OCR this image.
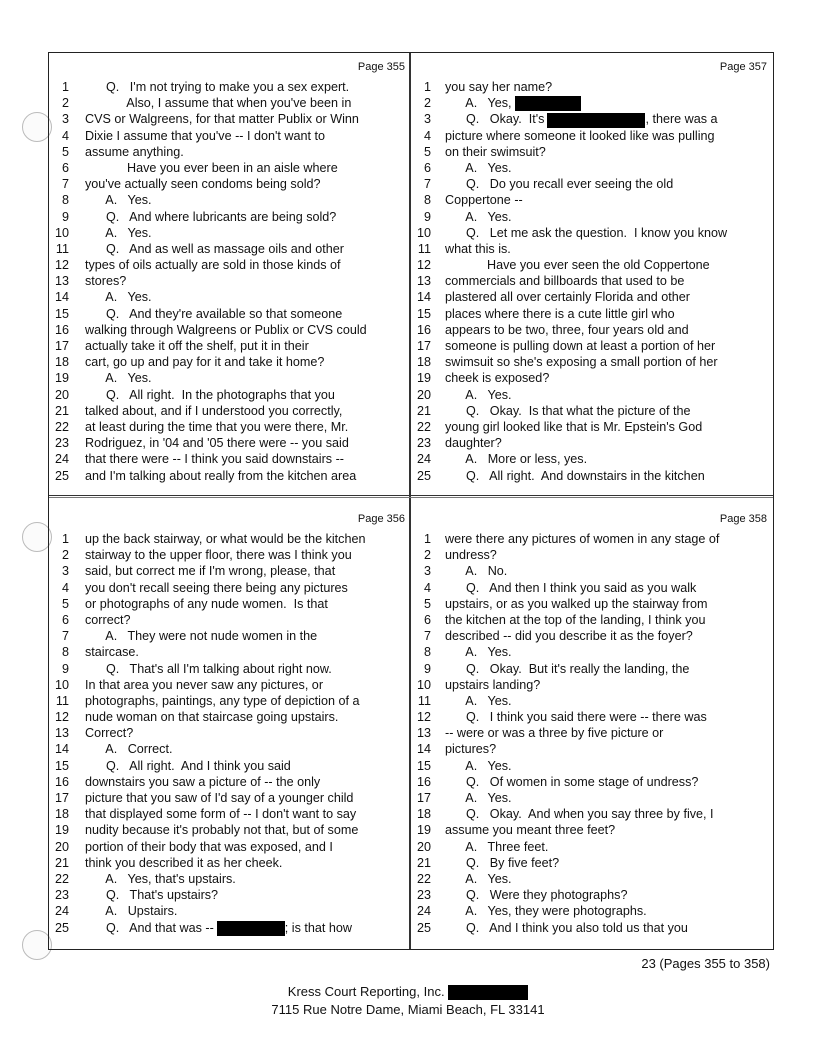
Page 355
1 Q.   I'm not trying to make you a sex expert.
2 Also, I assume that when you've been in
3 CVS or Walgreens, for that matter Publix or Winn
4 Dixie I assume that you've -- I don't want to
5 assume anything.
6 Have you ever been in an aisle where
7 you've actually seen condoms being sold?
8 A.   Yes.
9 Q.   And where lubricants are being sold?
10 A.   Yes.
11 Q.   And as well as massage oils and other
12 types of oils actually are sold in those kinds of
13 stores?
14 A.   Yes.
15 Q.   And they're available so that someone
16 walking through Walgreens or Publix or CVS could
17 actually take it off the shelf, put it in their
18 cart, go up and pay for it and take it home?
19 A.   Yes.
20 Q.   All right.  In the photographs that you
21 talked about, and if I understood you correctly,
22 at least during the time that you were there, Mr.
23 Rodriguez, in '04 and '05 there were -- you said
24 that there were -- I think you said downstairs --
25 and I'm talking about really from the kitchen area
Page 357
1 you say her name?
2 A.   Yes,
3 Q.   Okay.  It's	, there was a
4 picture where someone it looked like was pulling
5 on their swimsuit?
6 A.   Yes.
7 Q.   Do you recall ever seeing the old
8 Coppertone --
9 A.   Yes.
10 Q.   Let me ask the question.  I know you know
11 what this is.
12 Have you ever seen the old Coppertone
13 commercials and billboards that used to be
14 plastered all over certainly Florida and other
15 places where there is a cute little girl who
16 appears to be two, three, four years old and
17 someone is pulling down at least a portion of her
18 swimsuit so she's exposing a small portion of her
19 cheek is exposed?
20 A.   Yes.
21 Q.   Okay.  Is that what the picture of the
22 young girl looked like that is Mr. Epstein's God
23 daughter?
24 A.   More or less, yes.
25 Q.   All right.  And downstairs in the kitchen
Page 356
1 up the back stairway, or what would be the kitchen
2 stairway to the upper floor, there was I think you
3 said, but correct me if I'm wrong, please, that
4 you don't recall seeing there being any pictures
5 or photographs of any nude women.  Is that
6 correct?
7 A.   They were not nude women in the
8 staircase.
9 Q.   That's all I'm talking about right now.
10 In that area you never saw any pictures, or
11 photographs, paintings, any type of depiction of a
12 nude woman on that staircase going upstairs.
13 Correct?
14 A.   Correct.
15 Q.   All right.  And I think you said
16 downstairs you saw a picture of -- the only
17 picture that you saw of I'd say of a younger child
18 that displayed some form of -- I don't want to say
19 nudity because it's probably not that, but of some
20 portion of their body that was exposed, and I
21 think you described it as her cheek.
22 A.   Yes, that's upstairs.
23 Q.   That's upstairs?
24 A.   Upstairs.
25 Q.   And that was --	; is that how
Page 358
1 were there any pictures of women in any stage of
2 undress?
3 A.   No.
4 Q.   And then I think you said as you walk
5 upstairs, or as you walked up the stairway from
6 the kitchen at the top of the landing, I think you
7 described -- did you describe it as the foyer?
8 A.   Yes.
9 Q.   Okay.  But it's really the landing, the
10 upstairs landing?
11 A.   Yes.
12 Q.   I think you said there were -- there was
13 -- were or was a three by five picture or
14 pictures?
15 A.   Yes.
16 Q.   Of women in some stage of undress?
17 A.   Yes.
18 Q.   Okay.  And when you say three by five, I
19 assume you meant three feet?
20 A.   Three feet.
21 Q.   By five feet?
22 A.   Yes.
23 Q.   Were they photographs?
24 A.   Yes, they were photographs.
25 Q.   And I think you also told us that you
23 (Pages 355 to 358)
Kress Court Reporting, Inc.
7115 Rue Notre Dame, Miami Beach, FL 33141
